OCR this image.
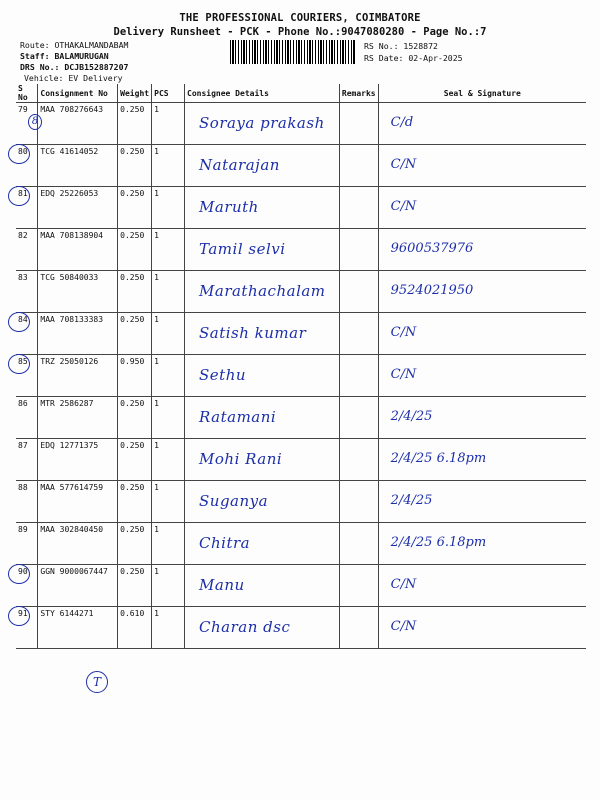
THE PROFESSIONAL COURIERS, COIMBATORE
Delivery Runsheet - PCK - Phone No.:9047080280 - Page No.:7
Route: OTHAKALMANDABAM
Staff: BALAMURUGAN
DRS No.: DCJB152887207
Vehicle: EV Delivery
RS No.: 1528872
RS Date: 02-Apr-2025
S No	Consignment No	Weight	PCS	Consignee Details	Remarks	Seal & Signature
79	MAA 708276643	0.250	1	Soraya prakash		C/d

80	TCG 41614052	0.250	1	Natarajan		C/N

81	EDQ 25226053	0.250	1	Maruth		C/N

82	MAA 708138904	0.250	1	Tamil selvi		9600537976

83	TCG 50840033	0.250	1	Marathachalam		9524021950

84	MAA 708133383	0.250	1	Satish kumar		C/N

85	TRZ 25050126	0.950	1	Sethu		C/N

86	MTR 2586287	0.250	1	Ratamani		2/4/25

87	EDQ 12771375	0.250	1	Mohi Rani		2/4/25 6.18pm

88	MAA 577614759	0.250	1	Suganya		2/4/25

89	MAA 302840450	0.250	1	Chitra		2/4/25 6.18pm

90	GGN 9000067447	0.250	1	Manu		C/N

91	STY 6144271	0.610	1	Charan dsc		C/N
T
8
